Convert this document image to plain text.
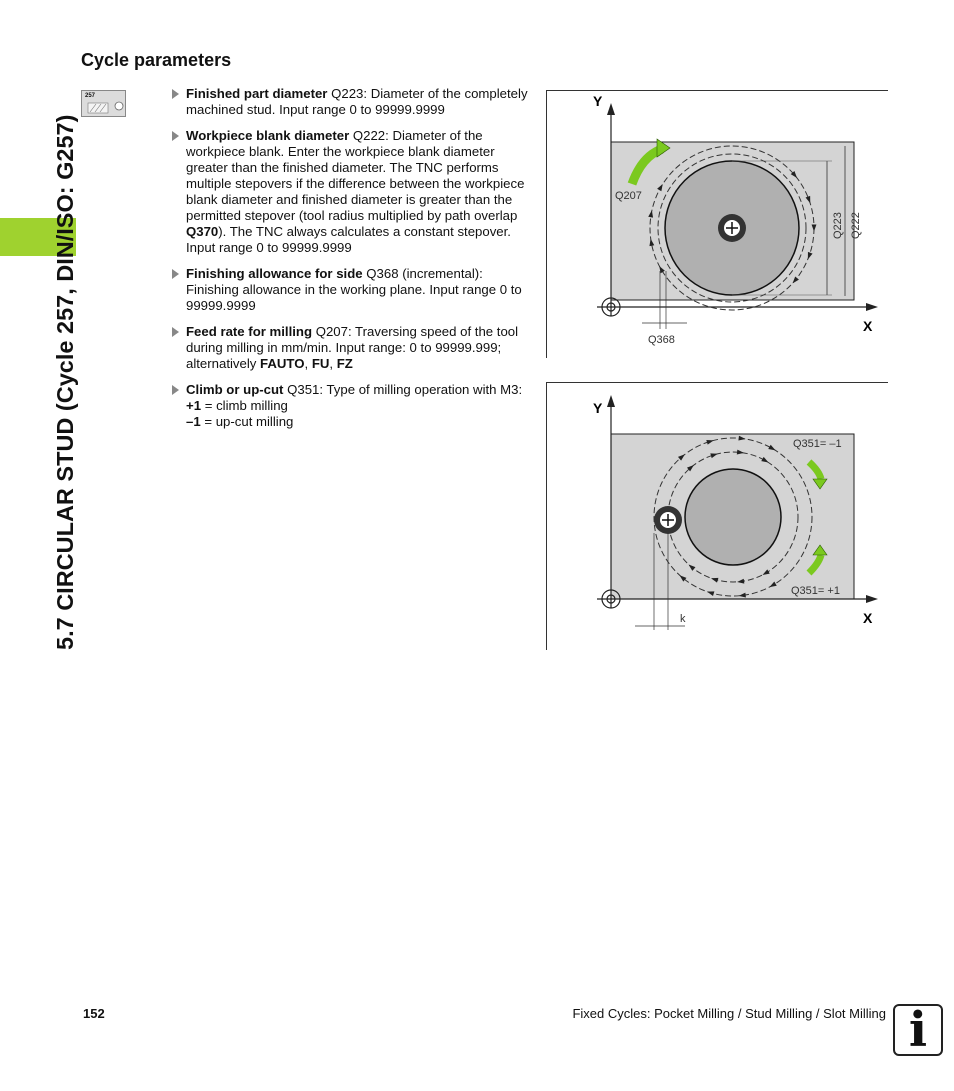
5.7 CIRCULAR STUD (Cycle 257, DIN/ISO: G257)
Cycle parameters
257	Finished part diameter Q223: Diameter of the completely machined stud. Input range 0 to 99999.9999
Workpiece blank diameter Q222: Diameter of the workpiece blank. Enter the workpiece blank diameter greater than the finished diameter. The TNC performs multiple stepovers if the difference between the workpiece blank diameter and finished diameter is greater than the permitted stepover (tool radius multiplied by path overlap Q370). The TNC always calculates a constant stepover. Input range 0 to 99999.9999
Finishing allowance for side Q368 (incremental): Finishing allowance in the working plane. Input range 0 to 99999.9999
Feed rate for milling Q207: Traversing speed of the tool during milling in mm/min. Input range: 0 to 99999.999; alternatively FAUTO, FU, FZ
Climb or up-cut Q351: Type of milling operation with M3:
+1 = climb milling
–1 = up-cut milling
Y
X
Q207
Q223 Q222
Q368
Y
X
Q351= –1
Q351= +1
k
152	Fixed Cycles: Pocket Milling / Stud Milling / Slot Milling i
